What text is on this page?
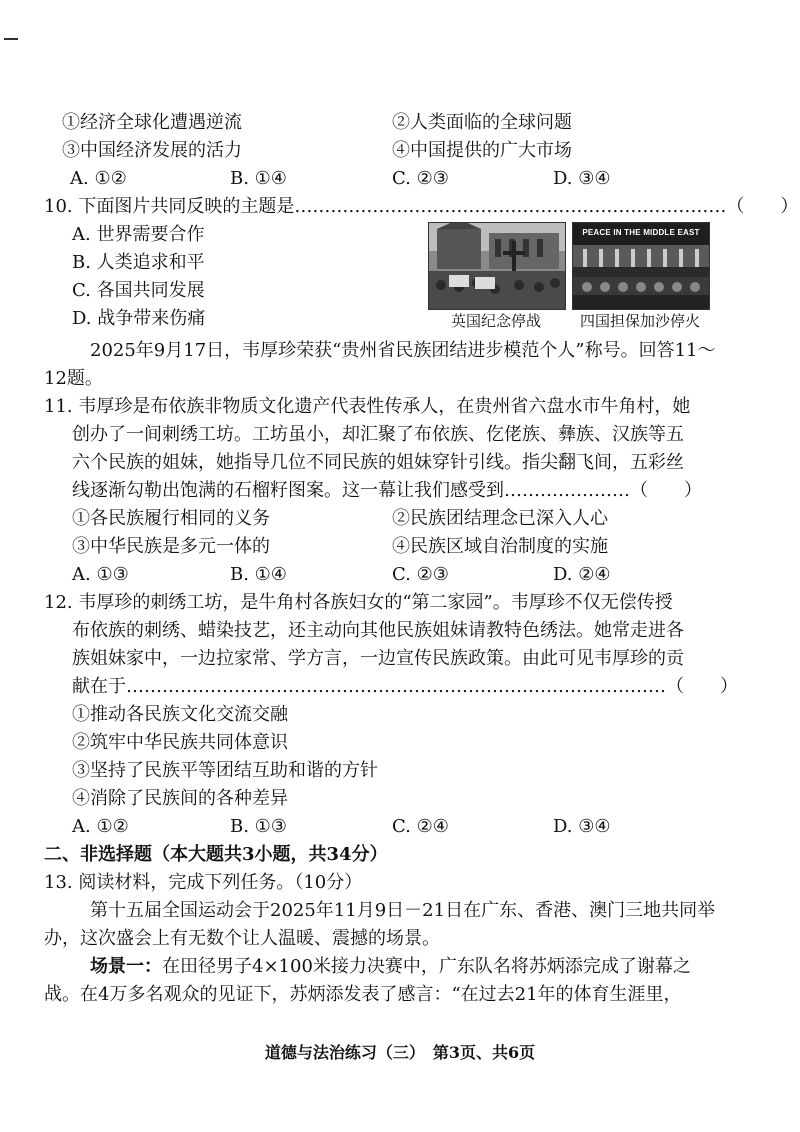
①经济全球化遭遇逆流	②人类面临的全球问题
③中国经济发展的活力	④中国提供的广大市场
A. ①②	B. ①④	C. ②③	D. ③④
10. 下面图片共同反映的主题是………………………………………………………………（　　）
A. 世界需要合作
B. 人类追求和平
C. 各国共同发展
D. 战争带来伤痛	英国纪念停战
PEACE IN THE MIDDLE EAST
四国担保加沙停火
2025年9月17日，韦厚珍荣获“贵州省民族团结进步模范个人”称号。回答11～
12题。
11. 韦厚珍是布依族非物质文化遗产代表性传承人，在贵州省六盘水市牛角村，她
创办了一间刺绣工坊。工坊虽小，却汇聚了布依族、仡佬族、彝族、汉族等五
六个民族的姐妹，她指导几位不同民族的姐妹穿针引线。指尖翻飞间，五彩丝
线逐渐勾勒出饱满的石榴籽图案。这一幕让我们感受到…………………（　　）
①各民族履行相同的义务	②民族团结理念已深入人心
③中华民族是多元一体的	④民族区域自治制度的实施
A. ①③	B. ①④	C. ②③	D. ②④
12. 韦厚珍的刺绣工坊，是牛角村各族妇女的“第二家园”。韦厚珍不仅无偿传授
布依族的刺绣、蜡染技艺，还主动向其他民族姐妹请教特色绣法。她常走进各
族姐妹家中，一边拉家常、学方言，一边宣传民族政策。由此可见韦厚珍的贡
献在于………………………………………………………………………………（　　）
①推动各民族文化交流交融
②筑牢中华民族共同体意识
③坚持了民族平等团结互助和谐的方针
④消除了民族间的各种差异
A. ①②	B. ①③	C. ②④	D. ③④
二、非选择题（本大题共3小题，共34分）
13. 阅读材料，完成下列任务。（10分）
第十五届全国运动会于2025年11月9日－21日在广东、香港、澳门三地共同举
办，这次盛会上有无数个让人温暖、震撼的场景。
场景一：在田径男子4×100米接力决赛中，广东队名将苏炳添完成了谢幕之
战。在4万多名观众的见证下，苏炳添发表了感言：“在过去21年的体育生涯里，
道德与法治练习（三）　第3页、共6页
